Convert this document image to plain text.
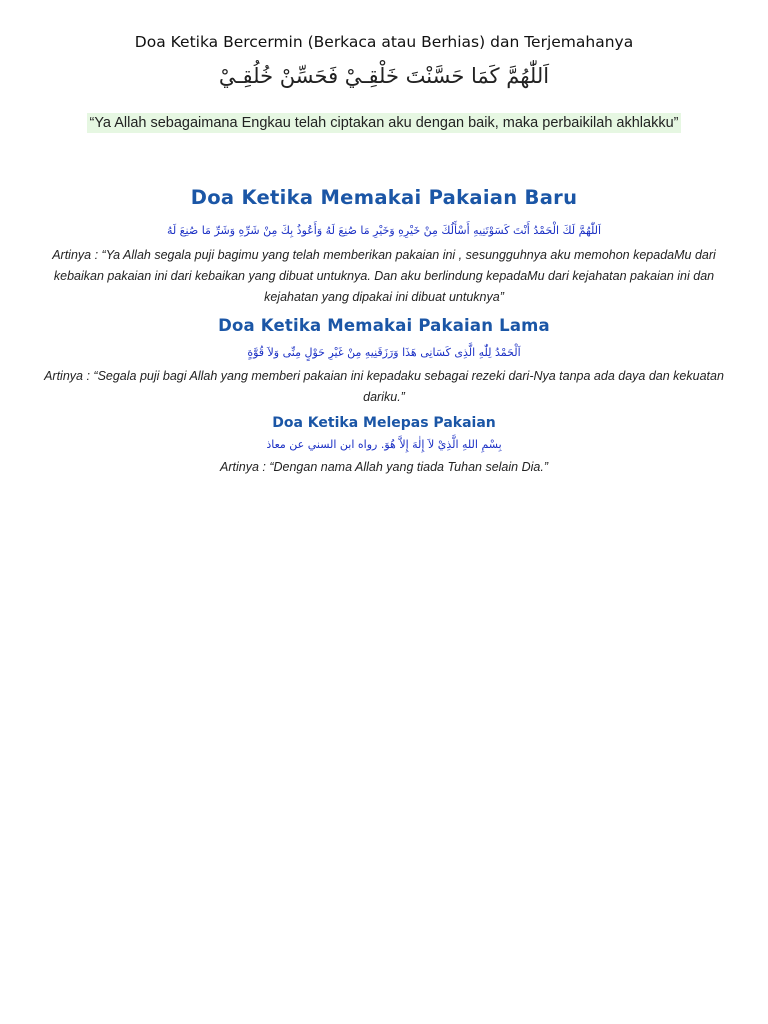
Doa Ketika Bercermin (Berkaca atau Berhias) dan Terjemahanya
اَللّٰهُمَّ كَمَا حَسَّنْتَ خَلْقِـيْ فَحَسِّنْ خُلُقِـيْ
“Ya Allah sebagaimana Engkau telah ciptakan aku dengan baik, maka perbaikilah akhlakku”
Doa Ketika Memakai Pakaian Baru
اَللّٰهُمَّ لَكَ الْحَمْدُ أَنْتَ كَسَوْتَنِيهِ أَسْأَلُكَ مِنْ خَيْرِهِ وَخَيْرِ مَا صُنِعَ لَهُ وَأَعُوذُ بِكَ مِنْ شَرِّهِ وَشَرِّ مَا صُنِعَ لَهُ
Artinya : “Ya Allah segala puji bagimu yang telah memberikan pakaian ini , sesungguhnya aku memohon kepadaMu dari kebaikan pakaian ini dari kebaikan yang dibuat untuknya. Dan aku berlindung kepadaMu dari kejahatan pakaian ini dan kejahatan yang dipakai ini dibuat untuknya”
Doa Ketika Memakai Pakaian Lama
اَلْحَمْدُ لِلّٰهِ الَّذِى كَسَانِى هَذَا وَرَزَقَنِيهِ مِنْ غَيْرِ حَوْلٍ مِنِّى وَلاَ قُوَّةٍ
Artinya : “Segala puji bagi Allah yang memberi pakaian ini kepadaku sebagai rezeki dari-Nya tanpa ada daya dan kekuatan dariku.”
Doa Ketika Melepas Pakaian
بِسْمِ اللهِ الَّذِيْ لاَ إِلٰهَ إِلاَّ هُوَ. رواه ابن السني عن معاذ
Artinya : “Dengan nama Allah yang tiada Tuhan selain Dia.”
